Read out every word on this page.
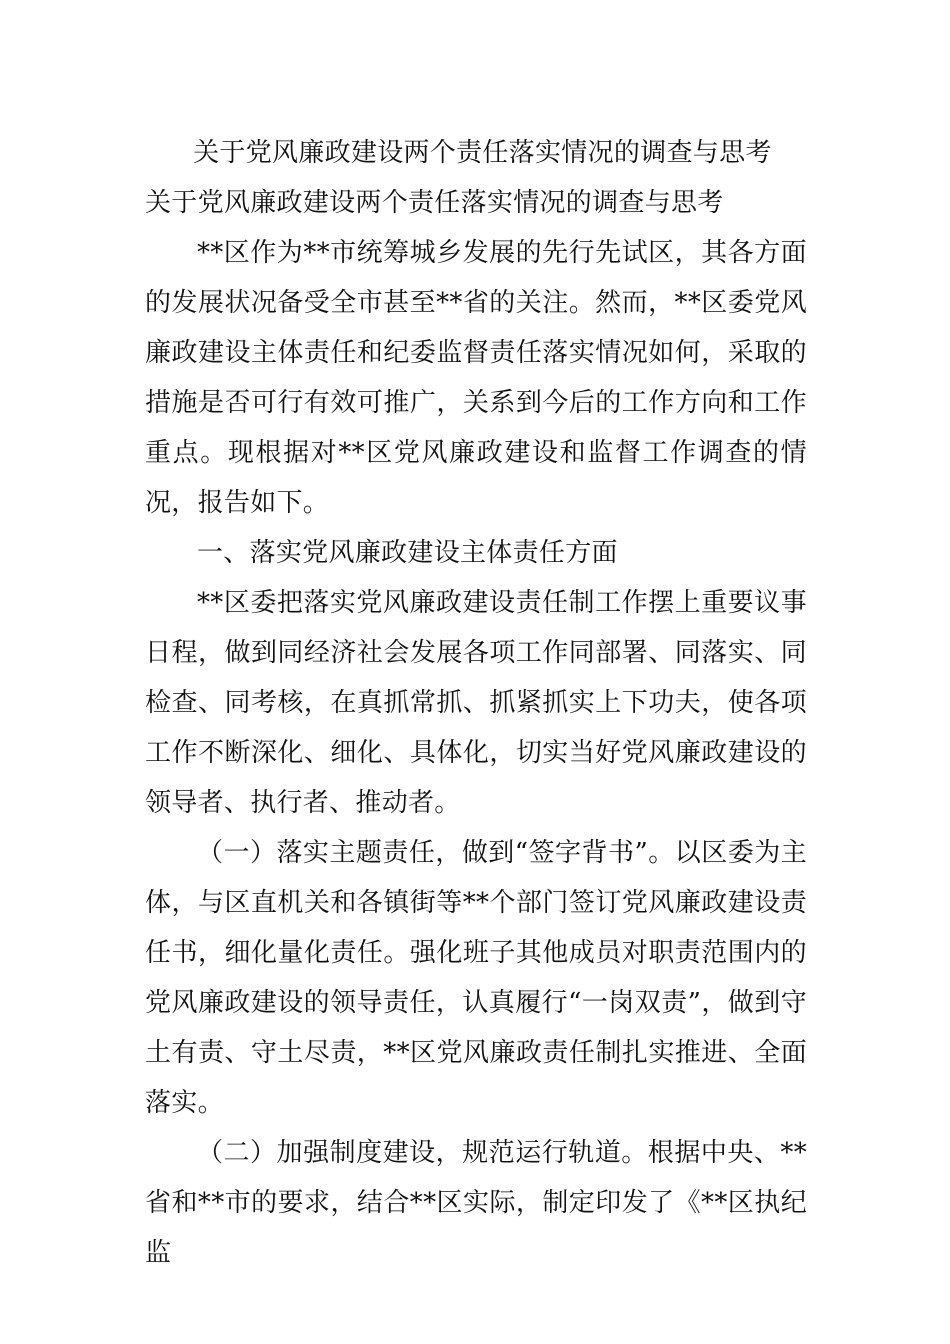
关于党风廉政建设两个责任落实情况的调查与思考
关于党风廉政建设两个责任落实情况的调查与思考

**区作为**市统筹城乡发展的先行先试区，其各方面的发展状况备受全市甚至**省的关注。然而，**区委党风廉政建设主体责任和纪委监督责任落实情况如何，采取的措施是否可行有效可推广，关系到今后的工作方向和工作重点。现根据对**区党风廉政建设和监督工作调查的情况，报告如下。

一、落实党风廉政建设主体责任方面

**区委把落实党风廉政建设责任制工作摆上重要议事日程，做到同经济社会发展各项工作同部署、同落实、同检查、同考核，在真抓常抓、抓紧抓实上下功夫，使各项工作不断深化、细化、具体化，切实当好党风廉政建设的领导者、执行者、推动者。

（一）落实主题责任，做到“签字背书”。以区委为主体，与区直机关和各镇街等**个部门签订党风廉政建设责任书，细化量化责任。强化班子其他成员对职责范围内的党风廉政建设的领导责任，认真履行“一岗双责”，做到守土有责、守土尽责，**区党风廉政责任制扎实推进、全面落实。

（二）加强制度建设，规范运行轨道。根据中央、**省和**市的要求，结合**区实际，制定印发了《**区执纪监
